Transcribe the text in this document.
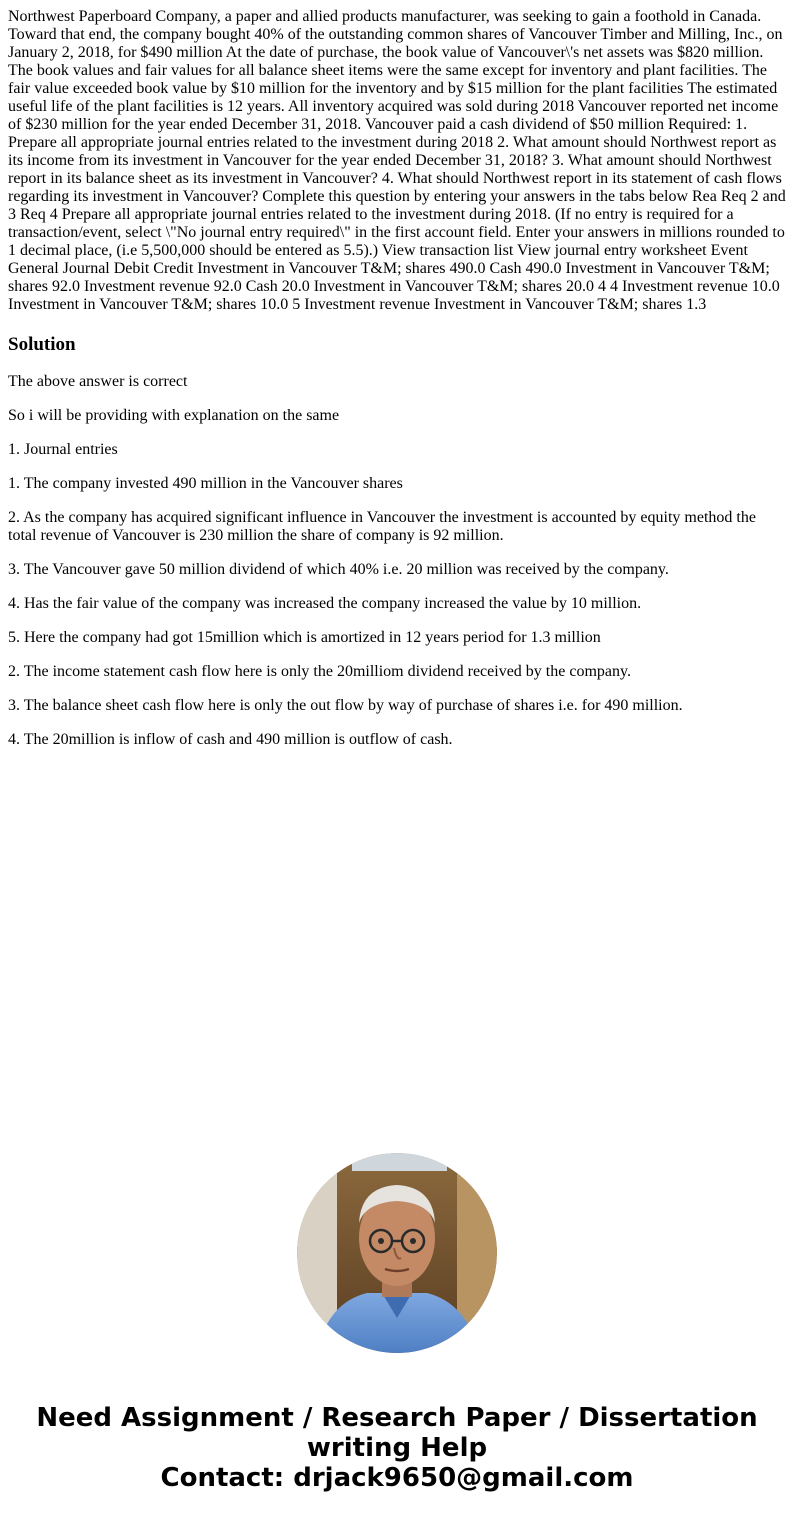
Northwest Paperboard Company, a paper and allied products manufacturer, was seeking to gain a foothold in Canada. Toward that end, the company bought 40% of the outstanding common shares of Vancouver Timber and Milling, Inc., on January 2, 2018, for $490 million At the date of purchase, the book value of Vancouver\'s net assets was $820 million. The book values and fair values for all balance sheet items were the same except for inventory and plant facilities. The fair value exceeded book value by $10 million for the inventory and by $15 million for the plant facilities The estimated useful life of the plant facilities is 12 years. All inventory acquired was sold during 2018 Vancouver reported net income of $230 million for the year ended December 31, 2018. Vancouver paid a cash dividend of $50 million Required: 1. Prepare all appropriate journal entries related to the investment during 2018 2. What amount should Northwest report as its income from its investment in Vancouver for the year ended December 31, 2018? 3. What amount should Northwest report in its balance sheet as its investment in Vancouver? 4. What should Northwest report in its statement of cash flows regarding its investment in Vancouver? Complete this question by entering your answers in the tabs below Rea Req 2 and 3 Req 4 Prepare all appropriate journal entries related to the investment during 2018. (If no entry is required for a transaction/event, select \"No journal entry required\" in the first account field. Enter your answers in millions rounded to 1 decimal place, (i.e 5,500,000 should be entered as 5.5).) View transaction list View journal entry worksheet Event General Journal Debit Credit Investment in Vancouver T&M; shares 490.0 Cash 490.0 Investment in Vancouver T&M; shares 92.0 Investment revenue 92.0 Cash 20.0 Investment in Vancouver T&M; shares 20.0 4 4 Investment revenue 10.0 Investment in Vancouver T&M; shares 10.0 5 Investment revenue Investment in Vancouver T&M; shares 1.3

Solution

The above answer is correct

So i will be providing with explanation on the same

1. Journal entries

1. The company invested 490 million in the Vancouver shares

2. As the company has acquired significant influence in Vancouver the investment is accounted by equity method the total revenue of Vancouver is 230 million the share of company is 92 million.

3. The Vancouver gave 50 million dividend of which 40% i.e. 20 million was received by the company.

4. Has the fair value of the company was increased the company increased the value by 10 million.

5. Here the company had got 15million which is amortized in 12 years period for 1.3 million

2. The income statement cash flow here is only the 20milliom dividend received by the company.

3. The balance sheet cash flow here is only the out flow by way of purchase of shares i.e. for 490 million.

4. The 20million is inflow of cash and 490 million is outflow of cash.

Need Assignment / Research Paper / Dissertation
writing Help
Contact: drjack9650@gmail.com
